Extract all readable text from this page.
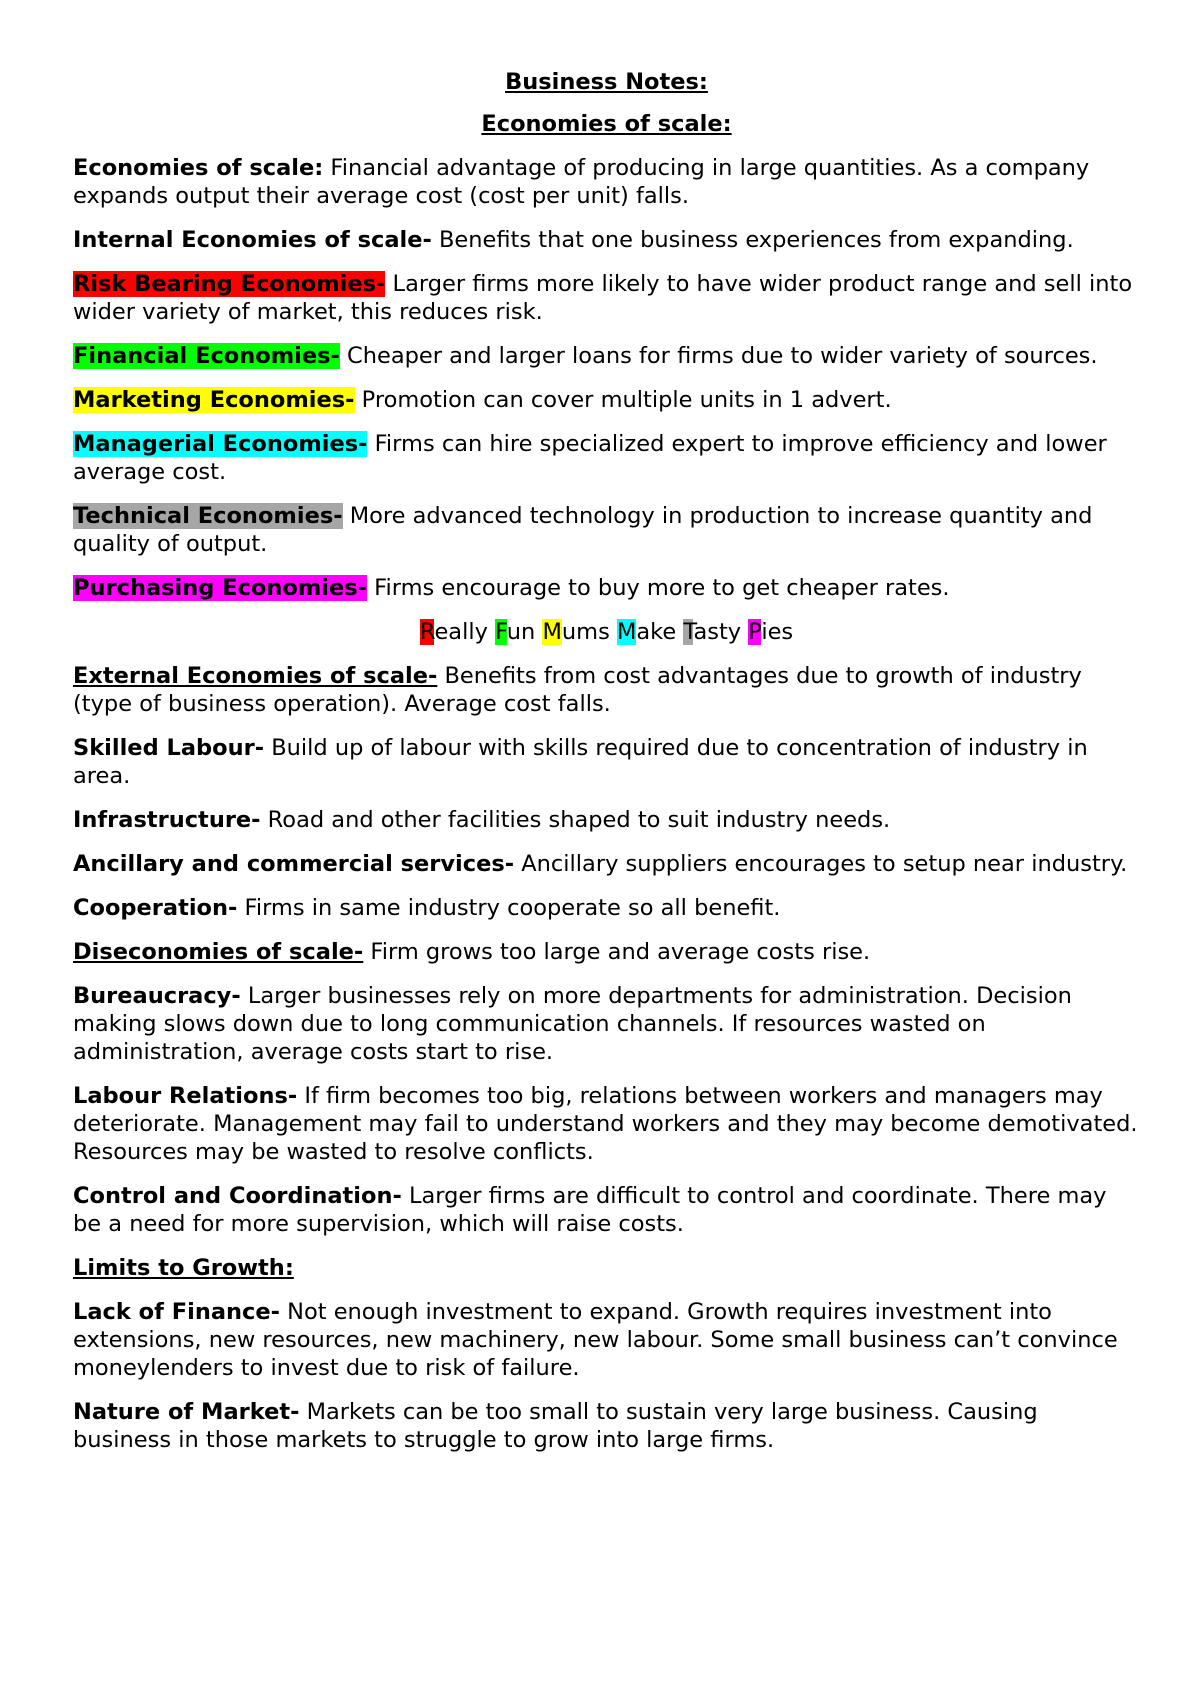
Business Notes:
Economies of scale:

Economies of scale: Financial advantage of producing in large quantities. As a company expands output their average cost (cost per unit) falls.

Internal Economies of scale- Benefits that one business experiences from expanding.

Risk Bearing Economies- Larger firms more likely to have wider product range and sell into wider variety of market, this reduces risk.

Financial Economies- Cheaper and larger loans for firms due to wider variety of sources.

Marketing Economies- Promotion can cover multiple units in 1 advert.

Managerial Economies- Firms can hire specialized expert to improve efficiency and lower average cost.

Technical Economies- More advanced technology in production to increase quantity and quality of output.

Purchasing Economies- Firms encourage to buy more to get cheaper rates.

Really Fun Mums Make Tasty Pies

External Economies of scale- Benefits from cost advantages due to growth of industry (type of business operation). Average cost falls.

Skilled Labour- Build up of labour with skills required due to concentration of industry in area.

Infrastructure- Road and other facilities shaped to suit industry needs.

Ancillary and commercial services- Ancillary suppliers encourages to setup near industry.

Cooperation- Firms in same industry cooperate so all benefit.

Diseconomies of scale- Firm grows too large and average costs rise.

Bureaucracy- Larger businesses rely on more departments for administration. Decision making slows down due to long communication channels. If resources wasted on administration, average costs start to rise.

Labour Relations- If firm becomes too big, relations between workers and managers may deteriorate. Management may fail to understand workers and they may become demotivated. Resources may be wasted to resolve conflicts.

Control and Coordination- Larger firms are difficult to control and coordinate. There may be a need for more supervision, which will raise costs.

Limits to Growth:

Lack of Finance- Not enough investment to expand. Growth requires investment into extensions, new resources, new machinery, new labour. Some small business can’t convince moneylenders to invest due to risk of failure.

Nature of Market- Markets can be too small to sustain very large business. Causing business in those markets to struggle to grow into large firms.
